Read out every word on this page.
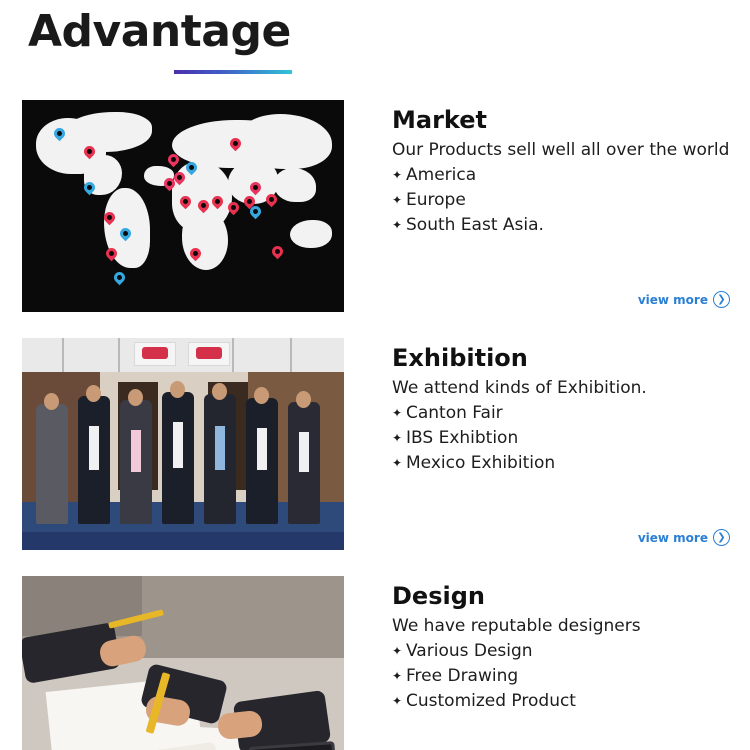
Advantage
Market
Our Products sell well all over the world
✦ America
✦ Europe
✦ South East Asia.
view more ❯
Exhibition
We attend kinds of Exhibition.
✦ Canton Fair
✦ IBS Exhibtion
✦ Mexico Exhibition
view more ❯
Design
We have reputable designers
✦ Various Design
✦ Free Drawing
✦ Customized Product
